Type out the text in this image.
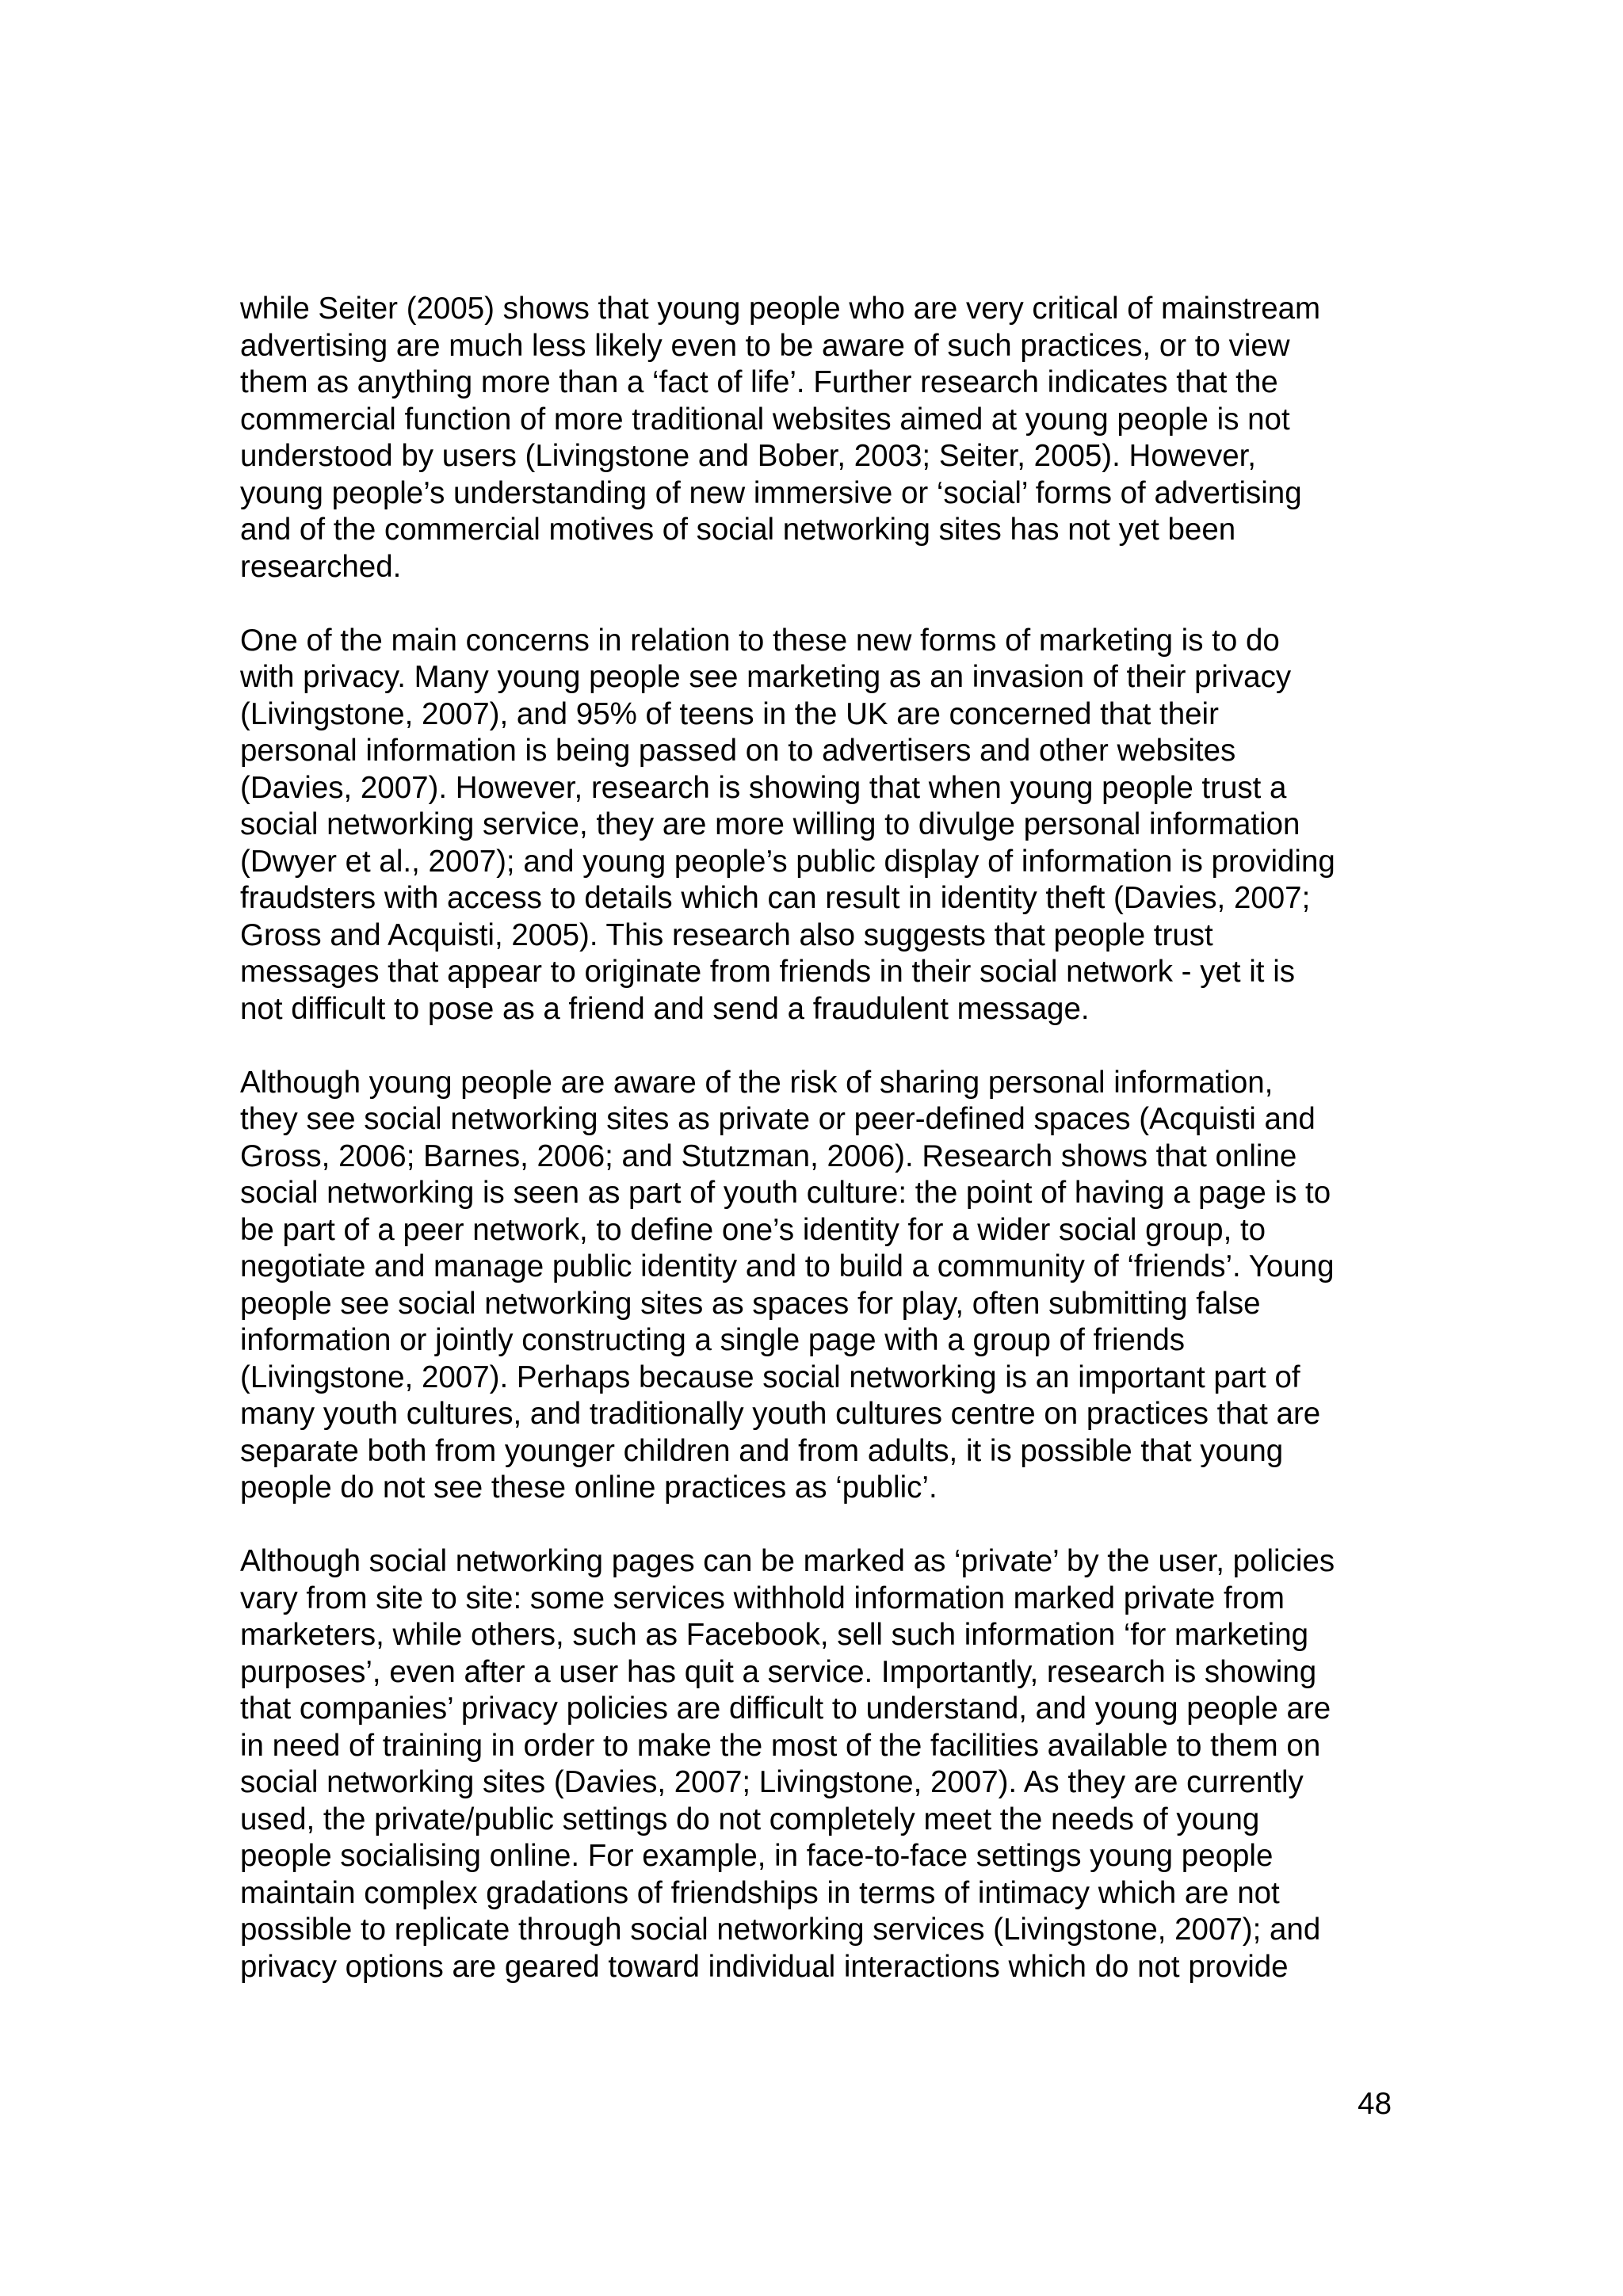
while Seiter (2005) shows that young people who are very critical of mainstream
advertising are much less likely even to be aware of such practices, or to view
them as anything more than a ‘fact of life’. Further research indicates that the
commercial function of more traditional websites aimed at young people is not
understood by users (Livingstone and Bober, 2003; Seiter, 2005). However,
young people’s understanding of new immersive or ‘social’ forms of advertising
and of the commercial motives of social networking sites has not yet been
researched.
One of the main concerns in relation to these new forms of marketing is to do
with privacy. Many young people see marketing as an invasion of their privacy
(Livingstone, 2007), and 95% of teens in the UK are concerned that their
personal information is being passed on to advertisers and other websites
(Davies, 2007). However, research is showing that when young people trust a
social networking service, they are more willing to divulge personal information
(Dwyer et al., 2007); and young people’s public display of information is providing
fraudsters with access to details which can result in identity theft (Davies, 2007;
Gross and Acquisti, 2005). This research also suggests that people trust
messages that appear to originate from friends in their social network - yet it is
not difficult to pose as a friend and send a fraudulent message.
Although young people are aware of the risk of sharing personal information,
they see social networking sites as private or peer-defined spaces (Acquisti and
Gross, 2006; Barnes, 2006; and Stutzman, 2006). Research shows that online
social networking is seen as part of youth culture: the point of having a page is to
be part of a peer network, to define one’s identity for a wider social group, to
negotiate and manage public identity and to build a community of ‘friends’. Young
people see social networking sites as spaces for play, often submitting false
information or jointly constructing a single page with a group of friends
(Livingstone, 2007). Perhaps because social networking is an important part of
many youth cultures, and traditionally youth cultures centre on practices that are
separate both from younger children and from adults, it is possible that young
people do not see these online practices as ‘public’.
Although social networking pages can be marked as ‘private’ by the user, policies
vary from site to site: some services withhold information marked private from
marketers, while others, such as Facebook, sell such information ‘for marketing
purposes’, even after a user has quit a service. Importantly, research is showing
that companies’ privacy policies are difficult to understand, and young people are
in need of training in order to make the most of the facilities available to them on
social networking sites (Davies, 2007; Livingstone, 2007). As they are currently
used, the private/public settings do not completely meet the needs of young
people socialising online. For example, in face-to-face settings young people
maintain complex gradations of friendships in terms of intimacy which are not
possible to replicate through social networking services (Livingstone, 2007); and
privacy options are geared toward individual interactions which do not provide
48
